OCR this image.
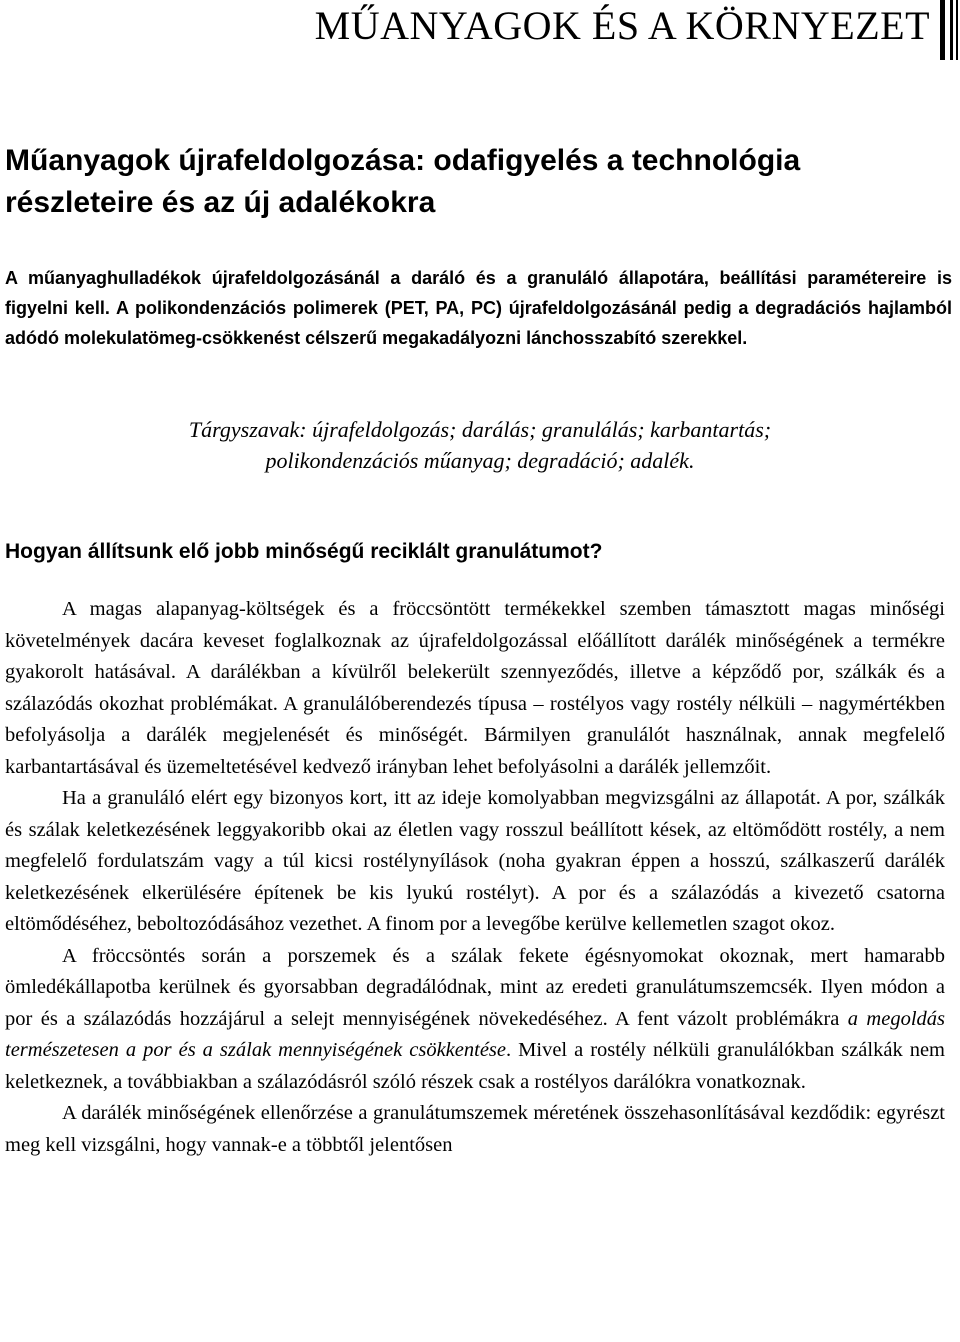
MŰANYAGOK ÉS A KÖRNYEZET
Műanyagok újrafeldolgozása: odafigyelés a technológia részleteire és az új adalékokra
A műanyaghulladékok újrafeldolgozásánál a daráló és a granuláló állapotára, beállítási paramétereire is figyelni kell. A polikondenzációs polimerek (PET, PA, PC) újrafeldolgozásánál pedig a degradációs hajlamból adódó molekulatömeg-csökkenést célszerű megakadályozni lánchosszabító szerekkel.
Tárgyszavak: újrafeldolgozás; darálás; granulálás; karbantartás;
polikondenzációs műanyag; degradáció; adalék.
Hogyan állítsunk elő jobb minőségű reciklált granulátumot?

A magas alapanyag-költségek és a fröccsöntött termékekkel szemben támasztott magas minőségi követelmények dacára keveset foglalkoznak az újrafeldolgozással előállított darálék minőségének a termékre gyakorolt hatásával. A darálékban a kívülről belekerült szennyeződés, illetve a képződő por, szálkák és a szálazódás okozhat problémákat. A granulálóberendezés típusa – rostélyos vagy rostély nélküli – nagymértékben befolyásolja a darálék megjelenését és minőségét. Bármilyen granulálót használnak, annak megfelelő karbantartásával és üzemeltetésével kedvező irányban lehet befolyásolni a darálék jellemzőit.

Ha a granuláló elért egy bizonyos kort, itt az ideje komolyabban megvizsgálni az állapotát. A por, szálkák és szálak keletkezésének leggyakoribb okai az életlen vagy rosszul beállított kések, az eltömődött rostély, a nem megfelelő fordulatszám vagy a túl kicsi rostélynyílások (noha gyakran éppen a hosszú, szálkaszerű darálék keletkezésének elkerülésére építenek be kis lyukú rostélyt). A por és a szálazódás a kivezető csatorna eltömődéséhez, beboltozódásához vezethet. A finom por a levegőbe kerülve kellemetlen szagot okoz.

A fröccsöntés során a porszemek és a szálak fekete égésnyomokat okoznak, mert hamarabb ömledékállapotba kerülnek és gyorsabban degradálódnak, mint az eredeti granulátumszemcsék. Ilyen módon a por és a szálazódás hozzájárul a selejt mennyiségének növekedéséhez. A fent vázolt problémákra a megoldás természetesen a por és a szálak mennyiségének csökkentése. Mivel a rostély nélküli granulálókban szálkák nem keletkeznek, a továbbiakban a szálazódásról szóló részek csak a rostélyos darálókra vonatkoznak.

A darálék minőségének ellenőrzése a granulátumszemek méretének összehasonlításával kezdődik: egyrészt meg kell vizsgálni, hogy vannak-e a többtől jelentősen
